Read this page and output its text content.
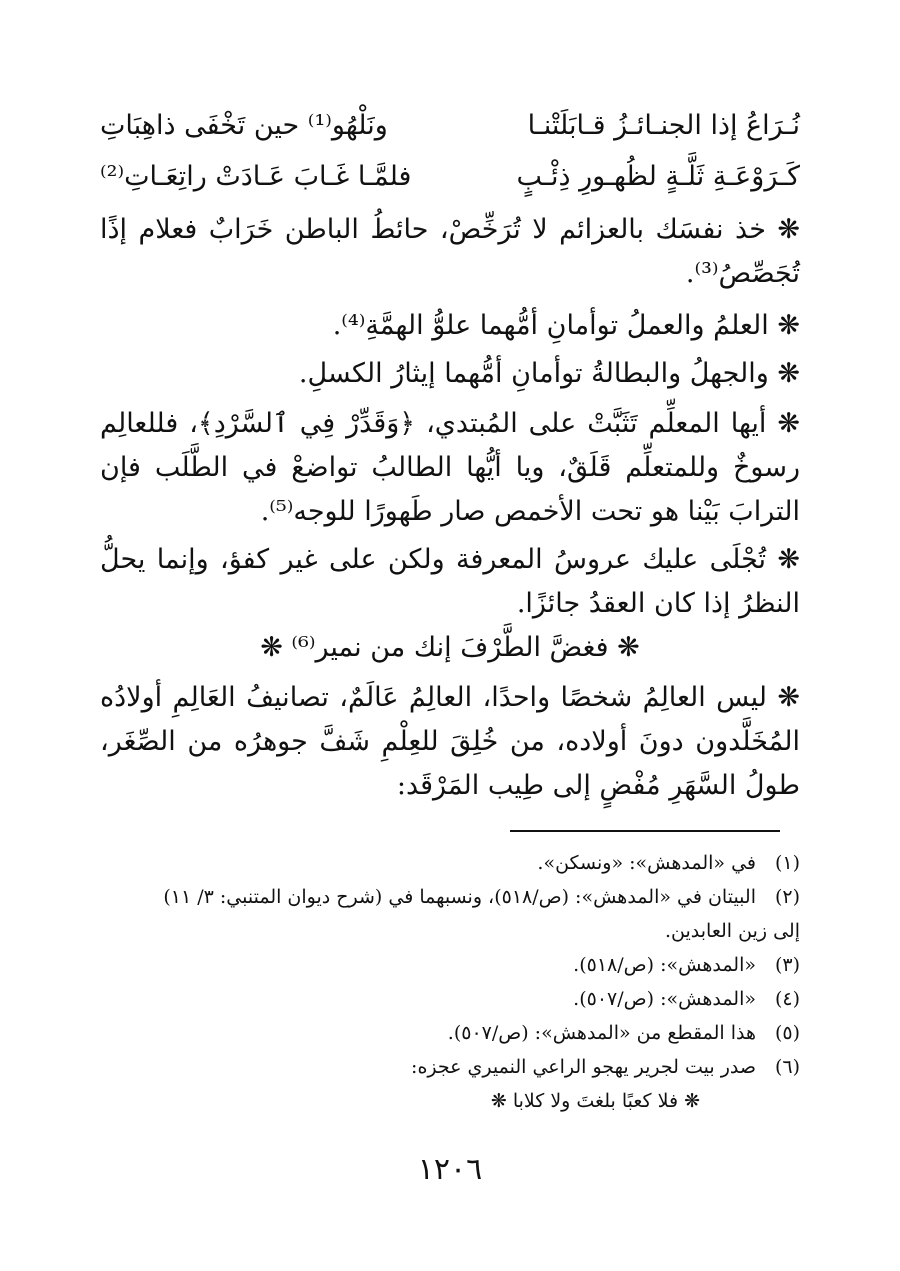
نُـرَاعُ إذا الجنـائـزُ قـابَلَتْنـا
ونَلْهُو⁽¹⁾ حين تَخْفَى ذاهِبَاتِ
كَـرَوْعَـةِ ثَلَّـةٍ لظُهـورِ ذِئْـبٍ
فلمَّـا غَـابَ عَـادَتْ راتِعَـاتِ⁽²⁾

❋ خذ نفسَك بالعزائم لا تُرَخِّصْ، حائطُ الباطن خَرَابٌ فعلام إذًا تُجَصِّصُ⁽³⁾.

❋ العلمُ والعملُ توأمانِ أمُّهما علوُّ الهمَّةِ⁽⁴⁾.

❋ والجهلُ والبطالةُ توأمانِ أمُّهما إيثارُ الكسلِ.

❋ أيها المعلِّم تَثَبَّتْ على المُبتدي، ﴿وَقَدِّرْ فِي ٱلسَّرْدِ﴾، فللعالِم رسوخٌ وللمتعلِّم قَلَقٌ، ويا أيُّها الطالبُ تواضعْ في الطَّلَب فإن الترابَ بَيْنا هو تحت الأخمص صار طَهورًا للوجه⁽⁵⁾.

❋ تُجْلَى عليك عروسُ المعرفة ولكن على غير كفؤ، وإنما يحلُّ النظرُ إذا كان العقدُ جائزًا.

❋ فغضَّ الطَّرْفَ إنك من نمير⁽⁶⁾ ❋

❋ ليس العالِمُ شخصًا واحدًا، العالِمُ عَالَمٌ، تصانيفُ العَالِمِ أولادُه المُخَلَّدون دونَ أولاده، من خُلِقَ للعِلْمِ شَفَّ جوهرُه من الصِّغَر، طولُ السَّهَرِ مُفْضٍ إلى طِيب المَرْقَد:

(١)في «المدهش»: «ونسكن».
(٢)البيتان في «المدهش»: (ص/٥١٨)، ونسبهما في (شرح ديوان المتنبي: ٣/ ١١)
إلى زين العابدين.
(٣)«المدهش»: (ص/٥١٨).
(٤)«المدهش»: (ص/٥٠٧).
(٥)هذا المقطع من «المدهش»: (ص/٥٠٧).
(٦)صدر بيت لجرير يهجو الراعي النميري عجزه:
❋ فلا كعبًا بلغتَ ولا كلابا ❋
١٢٠٦
